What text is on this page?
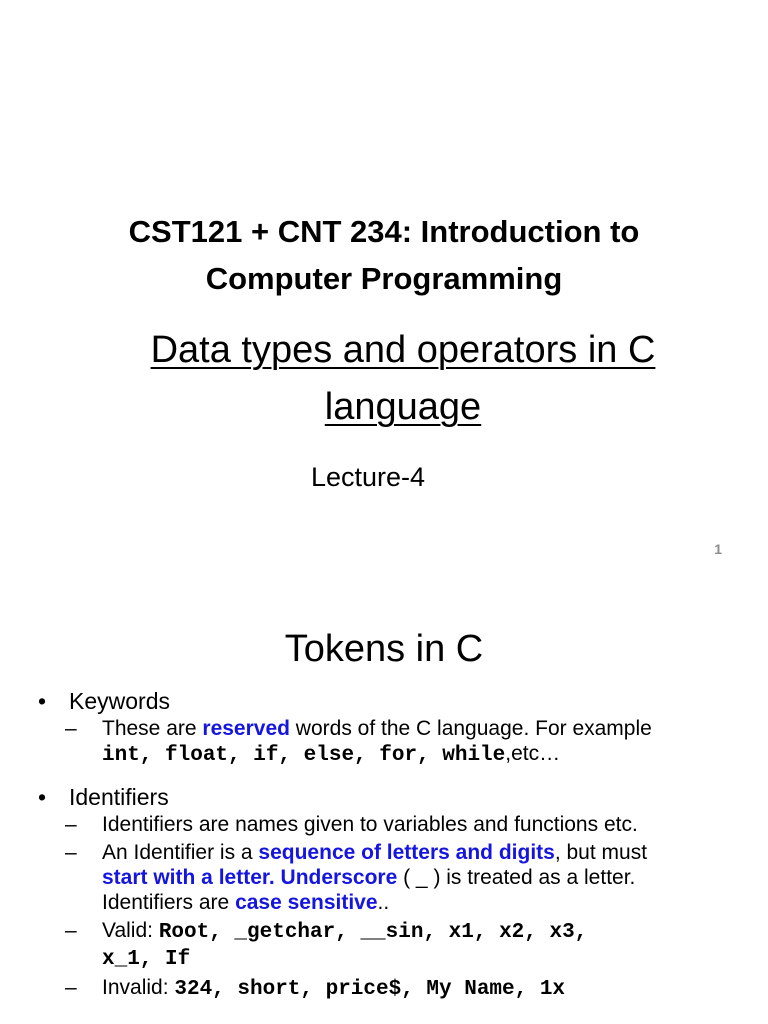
CST121 + CNT 234: Introduction to
Computer Programming
Data types and operators in C
language
Lecture-4
1
Tokens in C
• Keywords
–	These are reserved words of the C language. For example
int, float, if, else, for, while,etc…
• Identifiers
–	Identifiers are names given to variables and functions etc.
–	An Identifier is a sequence of letters and digits, but must
start with a letter. Underscore ( _ ) is treated as a letter.
Identifiers are case sensitive..
–	Valid: Root, _getchar, __sin, x1, x2, x3,
x_1, If
–	Invalid: 324, short, price$, My Name, 1x
